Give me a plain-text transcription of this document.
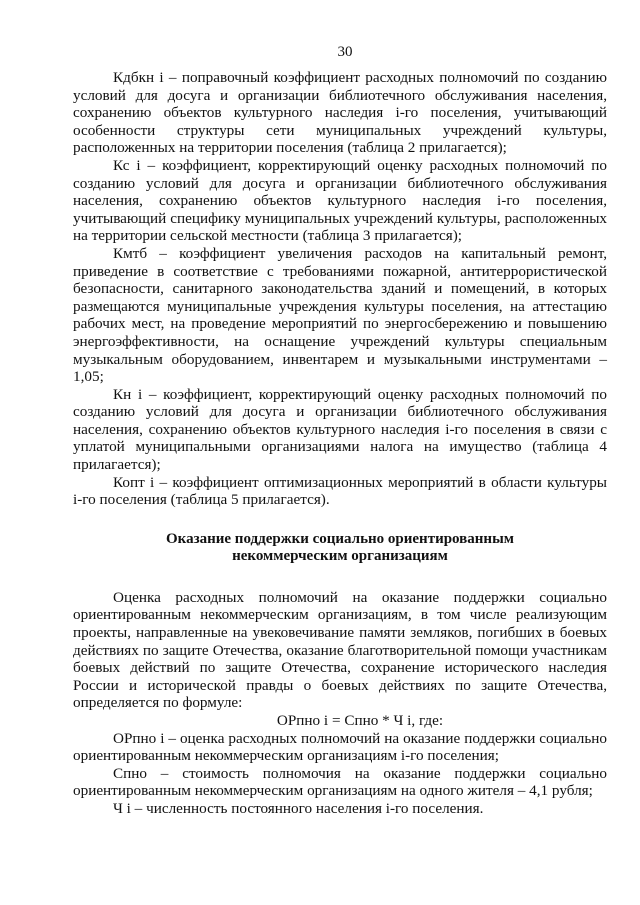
30

Кдбкн i – поправочный коэффициент расходных полномочий по созданию условий для досуга и организации библиотечного обслуживания населения, сохранению объектов культурного наследия i-го поселения, учитывающий особенности структуры сети муниципальных учреждений культуры, расположенных на территории поселения (таблица 2 прилагается);

Кс i – коэффициент, корректирующий оценку расходных полномочий по созданию условий для досуга и организации библиотечного обслуживания населения, сохранению объектов культурного наследия i-го поселения, учитывающий специфику муниципальных учреждений культуры, расположенных на территории сельской местности (таблица 3 прилагается);

Кмтб – коэффициент увеличения расходов на капитальный ремонт, приведение в соответствие с требованиями пожарной, антитеррористической безопасности, санитарного законодательства зданий и помещений, в которых размещаются муниципальные учреждения культуры поселения, на аттестацию рабочих мест, на проведение мероприятий по энергосбережению и повышению энергоэффективности, на оснащение учреждений культуры специальным музыкальным оборудованием, инвентарем и музыкальными инструментами – 1,05;

Кн i – коэффициент, корректирующий оценку расходных полномочий по созданию условий для досуга и организации библиотечного обслуживания населения, сохранению объектов культурного наследия i-го поселения в связи с уплатой муниципальными организациями налога на имущество (таблица 4 прилагается);

Копт i – коэффициент оптимизационных мероприятий в области культуры i-го поселения (таблица 5 прилагается).

Оказание поддержки социально ориентированным
некоммерческим организациям

Оценка расходных полномочий на оказание поддержки социально ориентированным некоммерческим организациям, в том числе реализующим проекты, направленные на увековечивание памяти земляков, погибших в боевых действиях по защите Отечества, оказание благотворительной помощи участникам боевых действий по защите Отечества, сохранение исторического наследия России и исторической правды о боевых действиях по защите Отечества, определяется по формуле:

ОРпно i = Спно * Ч i, где:

ОРпно i – оценка расходных полномочий на оказание поддержки социально ориентированным некоммерческим организациям i-го поселения;

Спно – стоимость полномочия на оказание поддержки социально ориентированным некоммерческим организациям на одного жителя – 4,1 рубля;

Ч i – численность постоянного населения i-го поселения.
